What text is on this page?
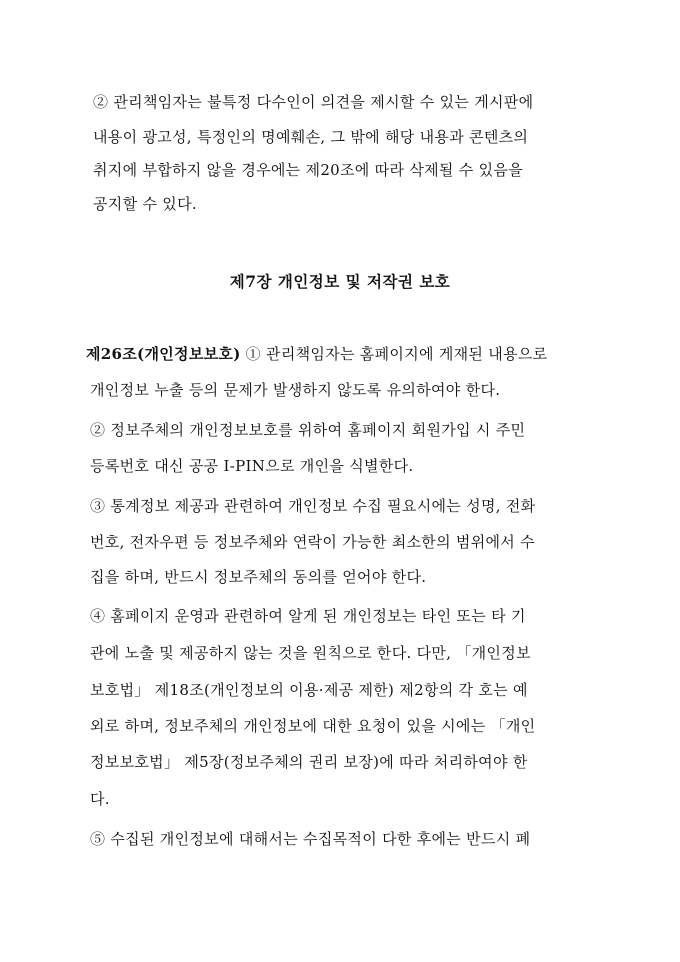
② 관리책임자는 불특정 다수인이 의견을 제시할 수 있는 게시판에
내용이 광고성, 특정인의 명예훼손, 그 밖에 해당 내용과 콘텐츠의
취지에 부합하지 않을 경우에는 제20조에 따라 삭제될 수 있음을
공지할 수 있다.
제7장 개인정보 및 저작권 보호
제26조(개인정보보호) ① 관리책임자는 홈페이지에 게재된 내용으로
개인정보 누출 등의 문제가 발생하지 않도록 유의하여야 한다.
② 정보주체의 개인정보보호를 위하여 홈페이지 회원가입 시 주민
등록번호 대신 공공 I-PIN으로 개인을 식별한다.
③ 통계정보 제공과 관련하여 개인정보 수집 필요시에는 성명, 전화
번호, 전자우편 등 정보주체와 연락이 가능한 최소한의 범위에서 수
집을 하며, 반드시 정보주체의 동의를 얻어야 한다.
④ 홈페이지 운영과 관련하여 알게 된 개인정보는 타인 또는 타 기
관에 노출 및 제공하지 않는 것을 원칙으로 한다. 다만, 「개인정보
보호법」 제18조(개인정보의 이용·제공 제한) 제2항의 각 호는 예
외로 하며, 정보주체의 개인정보에 대한 요청이 있을 시에는 「개인
정보보호법」 제5장(정보주체의 권리 보장)에 따라 처리하여야 한
다.
⑤ 수집된 개인정보에 대해서는 수집목적이 다한 후에는 반드시 폐
